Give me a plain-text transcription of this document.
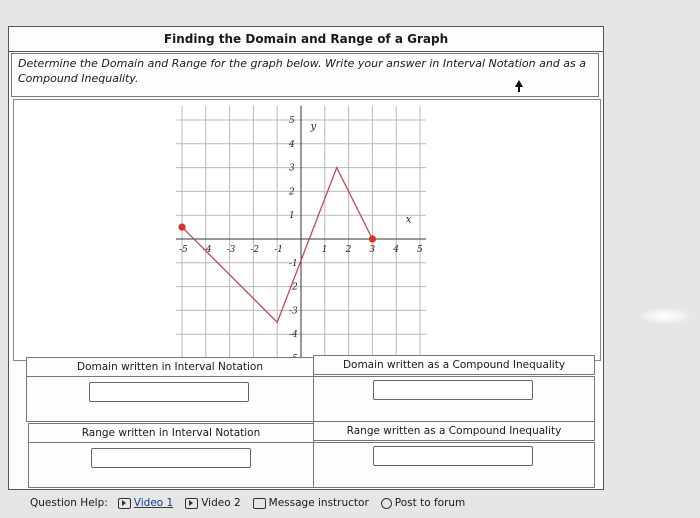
Finding the Domain and Range of a Graph
Determine the Domain and Range for the graph below. Write your answer in Interval Notation and as a Compound Inequality.
-5 -4 -3 -2 -1	1 2 3 4 5
5
4
3
2
1
-1
-2
-3
-4
x
y
Domain written in Interval Notation	Domain written as a Compound Inequality
Range written in Interval Notation	Range written as a Compound Inequality
Question Help: Video 1	Video 2	Message instructor Post to forum
